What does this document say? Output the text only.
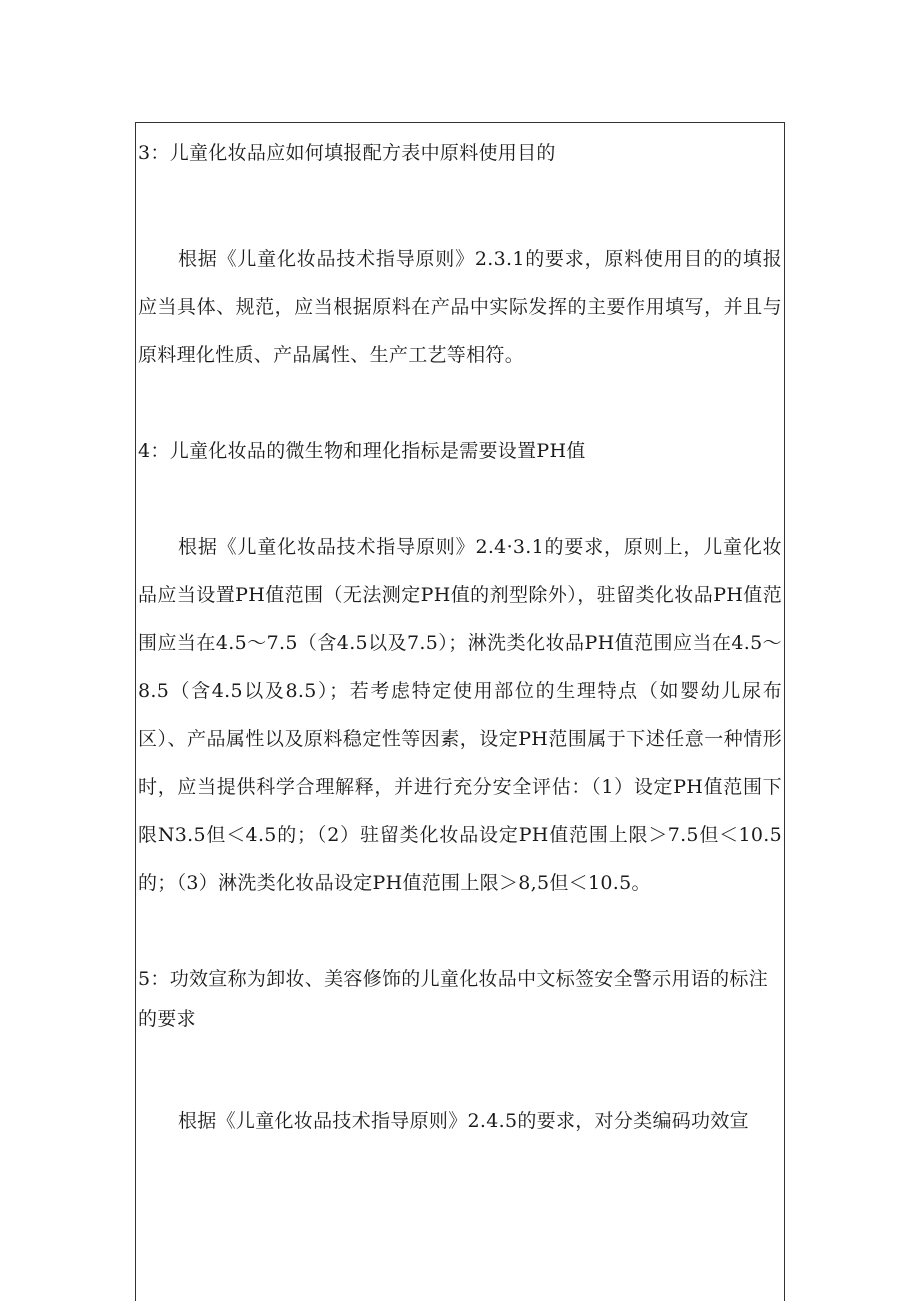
3：儿童化妆品应如何填报配方表中原料使用目的

根据《儿童化妆品技术指导原则》2.3.1的要求，原料使用目的的填报应当具体、规范，应当根据原料在产品中实际发挥的主要作用填写，并且与原料理化性质、产品属性、生产工艺等相符。

4：儿童化妆品的微生物和理化指标是需要设置PH值

根据《儿童化妆品技术指导原则》2.4·3.1的要求，原则上，儿童化妆品应当设置PH值范围（无法测定PH值的剂型除外），驻留类化妆品PH值范围应当在4.5～7.5（含4.5以及7.5）；淋洗类化妆品PH值范围应当在4.5～8.5（含4.5以及8.5）；若考虑特定使用部位的生理特点（如婴幼儿尿布区）、产品属性以及原料稳定性等因素，设定PH范围属于下述任意一种情形时，应当提供科学合理解释，并进行充分安全评估：（1）设定PH值范围下限N3.5但＜4.5的；（2）驻留类化妆品设定PH值范围上限＞7.5但＜10.5的；（3）淋洗类化妆品设定PH值范围上限＞8,5但＜10.5。

5：功效宣称为卸妆、美容修饰的儿童化妆品中文标签安全警示用语的标注的要求

根据《儿童化妆品技术指导原则》2.4.5的要求，对分类编码功效宣
